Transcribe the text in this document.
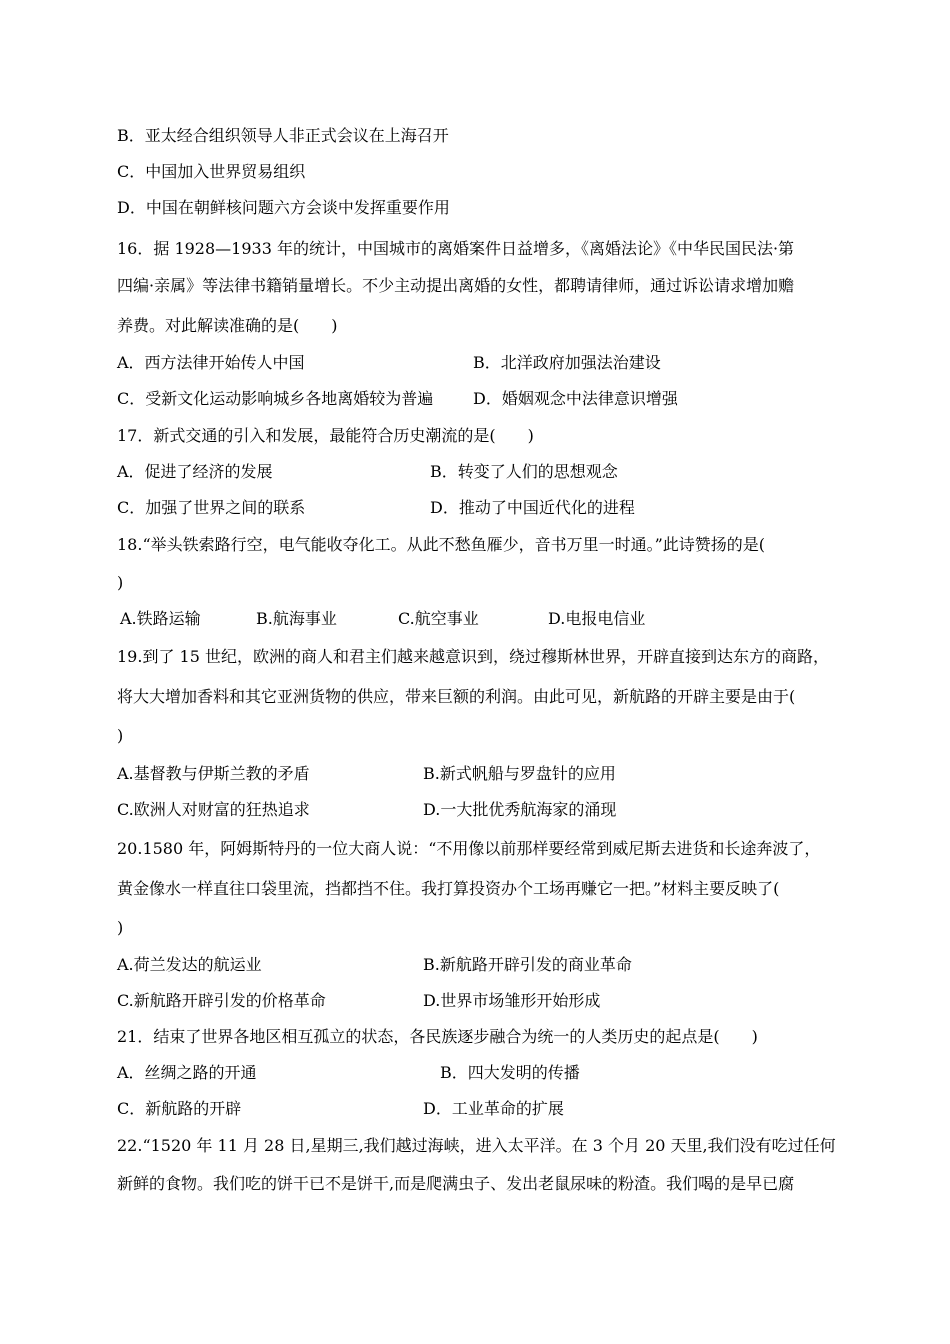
B．亚太经合组织领导人非正式会议在上海召开
C．中国加入世界贸易组织
D．中国在朝鲜核问题六方会谈中发挥重要作用
16．据 1928—1933 年的统计，中国城市的离婚案件日益增多，《离婚法论》《中华民国民法·第
四编·亲属》等法律书籍销量增长。不少主动提出离婚的女性，都聘请律师，通过诉讼请求增加赡
养费。对此解读准确的是(　　)
A．西方法律开始传人中国	B．北洋政府加强法治建设
C．受新文化运动影响城乡各地离婚较为普遍 D．婚姻观念中法律意识增强
17．新式交通的引入和发展，最能符合历史潮流的是(　　)
A．促进了经济的发展	B．转变了人们的思想观念
C．加强了世界之间的联系	D．推动了中国近代化的进程
18.“举头铁索路行空，电气能收夺化工。从此不愁鱼雁少，音书万里一时通。”此诗赞扬的是(
)
A.铁路运输	B.航海事业	C.航空事业	D.电报电信业
19.到了 15 世纪，欧洲的商人和君主们越来越意识到，绕过穆斯林世界，开辟直接到达东方的商路，
将大大增加香料和其它亚洲货物的供应，带来巨额的利润。由此可见，新航路的开辟主要是由于(
)
A.基督教与伊斯兰教的矛盾	B.新式帆船与罗盘针的应用
C.欧洲人对财富的狂热追求	D.一大批优秀航海家的涌现
20.1580 年，阿姆斯特丹的一位大商人说：“不用像以前那样要经常到威尼斯去进货和长途奔波了，
黄金像水一样直往口袋里流，挡都挡不住。我打算投资办个工场再赚它一把。”材料主要反映了(
)
A.荷兰发达的航运业	B.新航路开辟引发的商业革命
C.新航路开辟引发的价格革命	D.世界市场雏形开始形成
21．结束了世界各地区相互孤立的状态，各民族逐步融合为统一的人类历史的起点是(　　)
A．丝绸之路的开通	B．四大发明的传播
C．新航路的开辟	D．工业革命的扩展
22.“1520 年 11 月 28 日,星期三,我们越过海峡，进入太平洋。在 3 个月 20 天里,我们没有吃过任何
新鲜的食物。我们吃的饼干已不是饼干,而是爬满虫子、发出老鼠尿味的粉渣。我们喝的是早已腐
